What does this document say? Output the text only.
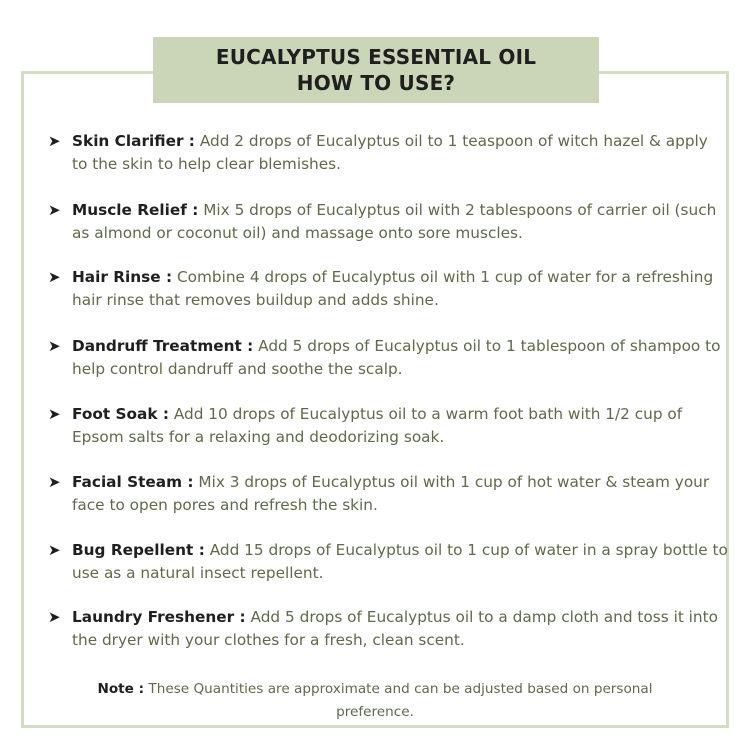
EUCALYPTUS ESSENTIAL OIL
HOW TO USE?
➤ Skin Clarifier : Add 2 drops of Eucalyptus oil to 1 teaspoon of witch hazel & apply to the skin to help clear blemishes.
➤ Muscle Relief : Mix 5 drops of Eucalyptus oil with 2 tablespoons of carrier oil (such as almond or coconut oil) and massage onto sore muscles.
➤ Hair Rinse : Combine 4 drops of Eucalyptus oil with 1 cup of water for a refreshing hair rinse that removes buildup and adds shine.
➤ Dandruff Treatment : Add 5 drops of Eucalyptus oil to 1 tablespoon of shampoo to help control dandruff and soothe the scalp.
➤ Foot Soak : Add 10 drops of Eucalyptus oil to a warm foot bath with 1/2 cup of Epsom salts for a relaxing and deodorizing soak.
➤ Facial Steam : Mix 3 drops of Eucalyptus oil with 1 cup of hot water & steam your face to open pores and refresh the skin.
➤ Bug Repellent : Add 15 drops of Eucalyptus oil to 1 cup of water in a spray bottle to use as a natural insect repellent.
➤ Laundry Freshener : Add 5 drops of Eucalyptus oil to a damp cloth and toss it into the dryer with your clothes for a fresh, clean scent.
Note : These Quantities are approximate and can be adjusted based on personal preference.
